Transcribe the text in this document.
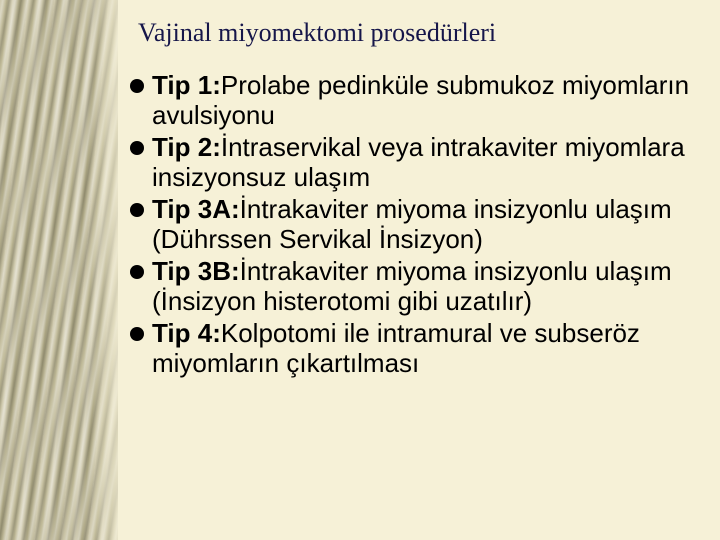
Vajinal miyomektomi prosedürleri
Tip 1:Prolabe pedinküle submukoz miyomların avulsiyonu
Tip 2:İntraservikal veya intrakaviter miyomlara insizyonsuz ulaşım
Tip 3A:İntrakaviter miyoma insizyonlu ulaşım (Dührssen Servikal İnsizyon)
Tip 3B:İntrakaviter miyoma insizyonlu ulaşım (İnsizyon histerotomi gibi uzatılır)
Tip 4:Kolpotomi ile intramural ve subseröz miyomların çıkartılması
